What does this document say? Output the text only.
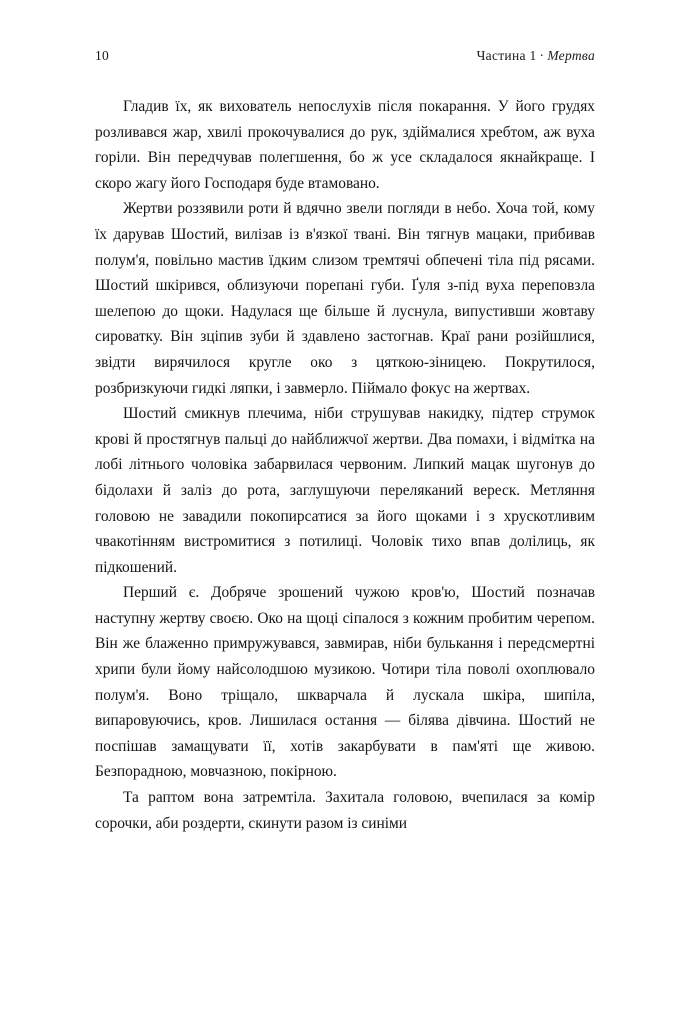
10	Частина 1 · Мертва

Гладив їх, як вихователь непослухів після покарання. У його грудях розливався жар, хвилі прокочувалися до рук, здіймалися хребтом, аж вуха горіли. Він передчував полегшення, бо ж усе складалося якнайкраще. І скоро жагу його Господаря буде втамовано.

Жертви роззявили роти й вдячно звели погляди в небо. Хоча той, кому їх дарував Шостий, вилізав із в'язкої твані. Він тягнув мацаки, прибивав полум'я, повільно мастив їдким слизом тремтячі обпечені тіла під рясами. Шостий шкірився, облизуючи порепані губи. Ґуля з-під вуха переповзла шелепою до щоки. Надулася ще більше й луснула, випустивши жовтаву сироватку. Він зціпив зуби й здавлено застогнав. Краї рани розійшлися, звідти вирячилося кругле око з цяткою-зіницею. Покрутилося, розбризкуючи гидкі ляпки, і завмерло. Піймало фокус на жертвах.

Шостий смикнув плечима, ніби струшував накидку, підтер струмок крові й простягнув пальці до найближчої жертви. Два помахи, і відмітка на лобі літнього чоловіка забарвилася червоним. Липкий мацак шугонув до бідолахи й заліз до рота, заглушуючи переляканий вереск. Метляння головою не завадили покопирсатися за його щоками і з хрускотливим чвакотінням вистромитися з потилиці. Чоловік тихо впав долілиць, як підкошений.

Перший є. Добряче зрошений чужою кров'ю, Шостий позначав наступну жертву своєю. Око на щоці сіпалося з кожним пробитим черепом. Він же блаженно примружувався, завмирав, ніби булькання і передсмертні хрипи були йому найсолодшою музикою. Чотири тіла поволі охоплювало полум'я. Воно тріщало, шкварчала й лускала шкіра, шипіла, випаровуючись, кров. Лишилася остання — білява дівчина. Шостий не поспішав замащувати її, хотів закарбувати в пам'яті ще живою. Безпорадною, мовчазною, покірною.

Та раптом вона затремтіла. Захитала головою, вчепилася за комір сорочки, аби роздерти, скинути разом із синіми
